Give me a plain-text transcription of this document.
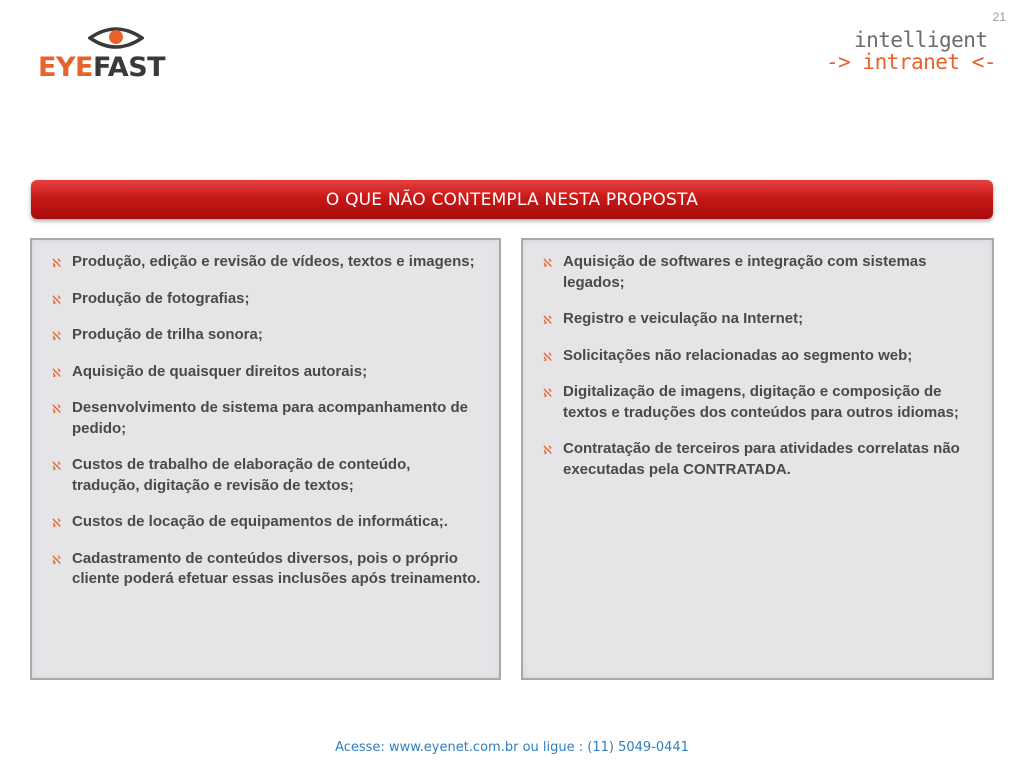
21
EYEFAST
intelligent
-> intranet <-
O QUE NÃO CONTEMPLA NESTA PROPOSTA
ℵ Produção, edição e revisão de vídeos, textos e imagens;
ℵ Produção de fotografias;
ℵ Produção de trilha sonora;
ℵ Aquisição de quaisquer direitos autorais;
ℵ Desenvolvimento de sistema para acompanhamento de pedido;
ℵ Custos de trabalho de elaboração de conteúdo, tradução, digitação e revisão de textos;
ℵ Custos de locação de equipamentos de informática;.
ℵ Cadastramento de conteúdos diversos, pois o próprio cliente poderá efetuar essas inclusões após treinamento.
ℵ Aquisição de softwares e integração com sistemas legados;
ℵ Registro e veiculação na Internet;
ℵ Solicitações não relacionadas ao segmento web;
ℵ Digitalização de imagens, digitação e composição de textos e traduções dos conteúdos para outros idiomas;
ℵ Contratação de terceiros para atividades correlatas não executadas pela CONTRATADA.
Acesse: www.eyenet.com.br ou ligue : (11) 5049-0441
